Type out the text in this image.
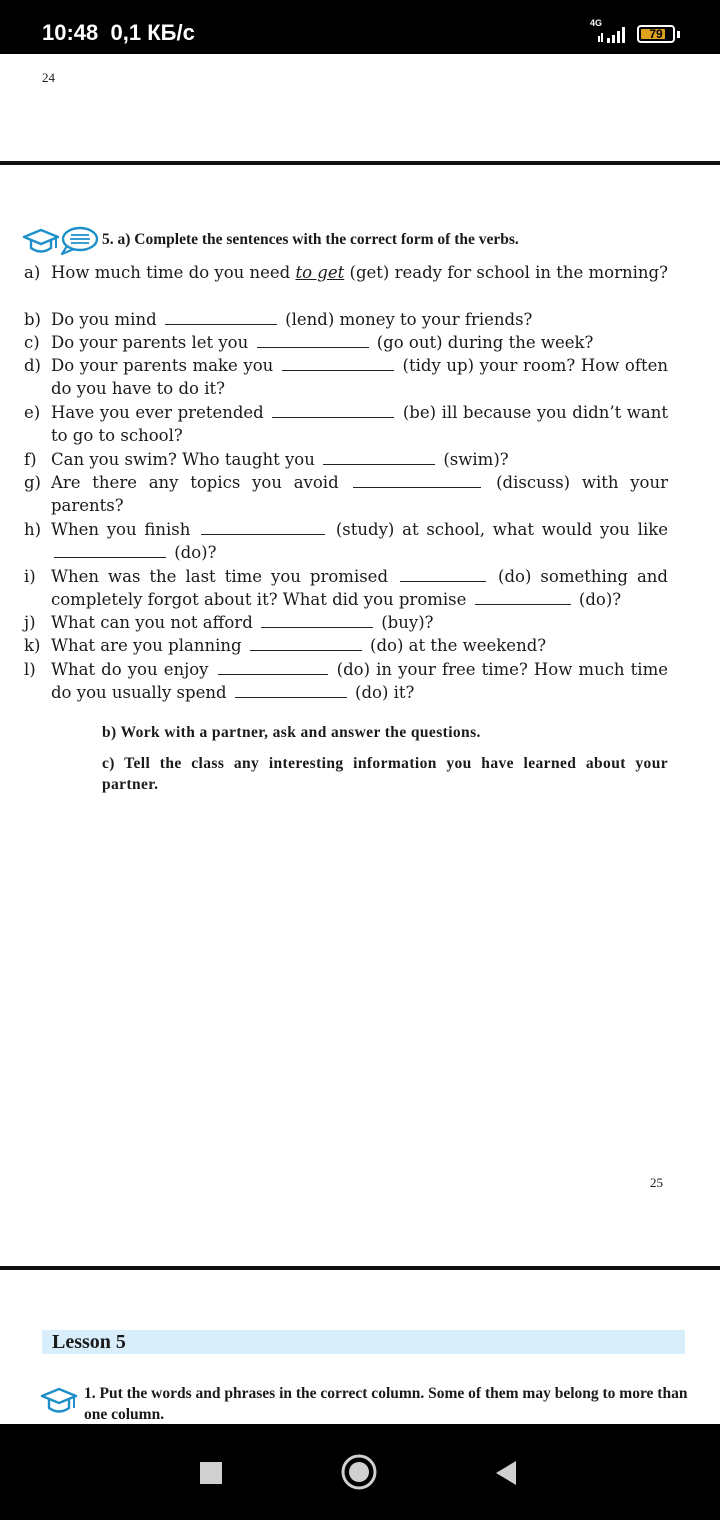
10:48 0,1 КБ/с	4G
79
24
5. a) Complete the sentences with the correct form of the verbs.
a) How much time do you need to get (get) ready for school in the morning?
b) Do you mind	(lend) money to your friends?
c) Do your parents let you	(go out) during the week?
d) Do your parents make you	(tidy up) your room? How often do you have to do it?
e) Have you ever pretended	(be) ill because you didn’t want to go to school?
f) Can you swim? Who taught you	(swim)?
g) Are there any topics you avoid	(discuss) with your parents?
h) When you finish	(study) at school, what would you like  (do)?
i) When was the last time you promised	(do) something and completely forgot about it? What did you promise	(do)?
j) What can you not afford	(buy)?
k) What are you planning	(do) at the weekend?
l) What do you enjoy	(do) in your free time? How much time do you usually spend	(do) it?
b) Work with a partner, ask and answer the questions.
c) Tell the class any interesting information you have learned about your partner.
25
Lesson 5
1. Put the words and phrases in the correct column. Some of them may belong to more than one column.
